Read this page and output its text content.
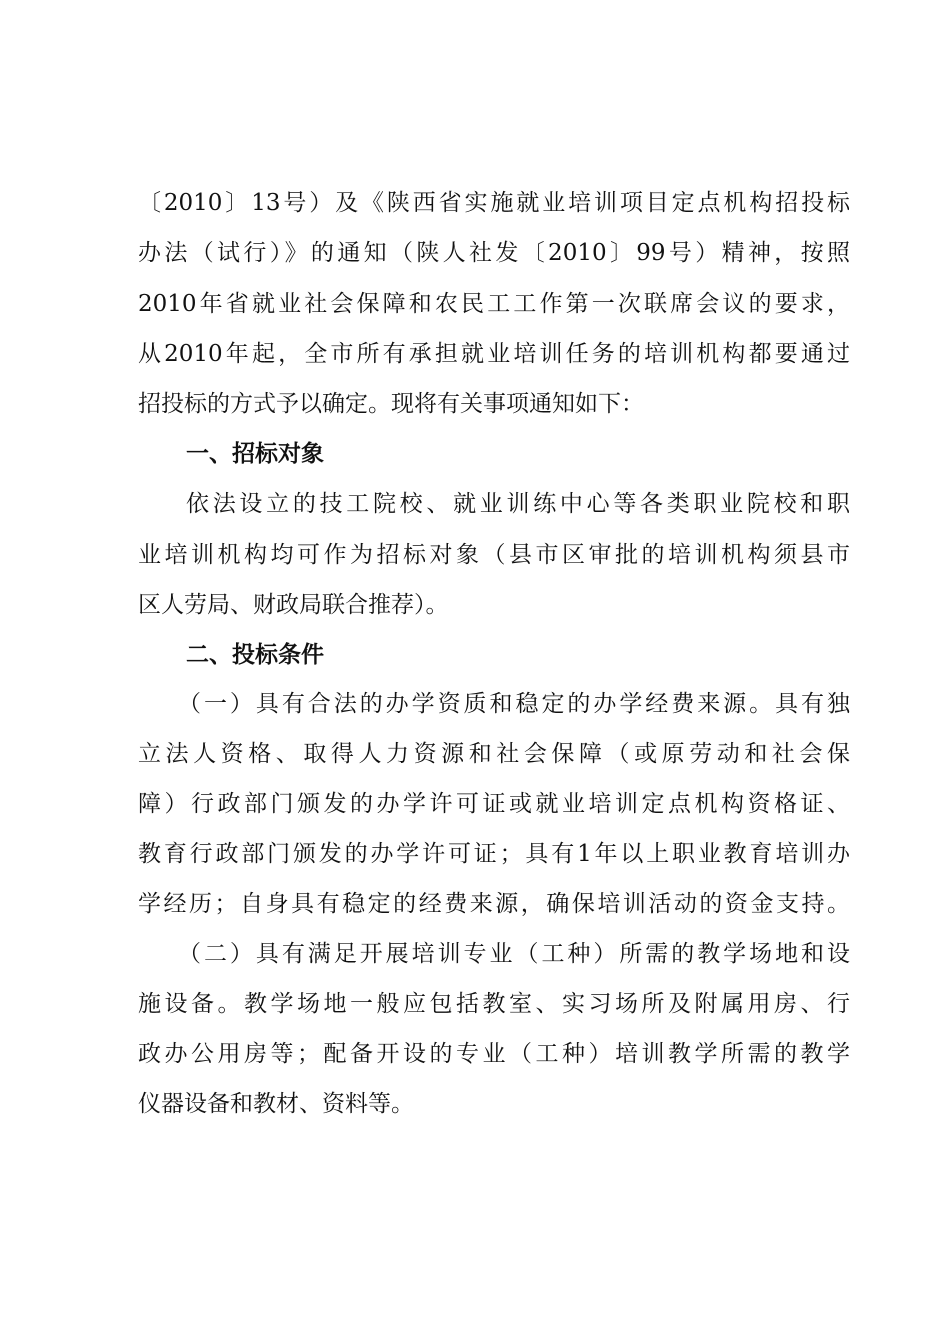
〔2010〕13号）及《陕西省实施就业培训项目定点机构招投标
办法（试行）》的通知（陕人社发〔2010〕99号）精神，按照
2010年省就业社会保障和农民工工作第一次联席会议的要求，
从2010年起，全市所有承担就业培训任务的培训机构都要通过
招投标的方式予以确定。现将有关事项通知如下：
一、招标对象
依法设立的技工院校、就业训练中心等各类职业院校和职
业培训机构均可作为招标对象（县市区审批的培训机构须县市
区人劳局、财政局联合推荐）。
二、投标条件
（一）具有合法的办学资质和稳定的办学经费来源。具有独
立法人资格、取得人力资源和社会保障（或原劳动和社会保
障）行政部门颁发的办学许可证或就业培训定点机构资格证、
教育行政部门颁发的办学许可证；具有1年以上职业教育培训办
学经历；自身具有稳定的经费来源，确保培训活动的资金支持。
（二）具有满足开展培训专业（工种）所需的教学场地和设
施设备。教学场地一般应包括教室、实习场所及附属用房、行
政办公用房等；配备开设的专业（工种）培训教学所需的教学
仪器设备和教材、资料等。
